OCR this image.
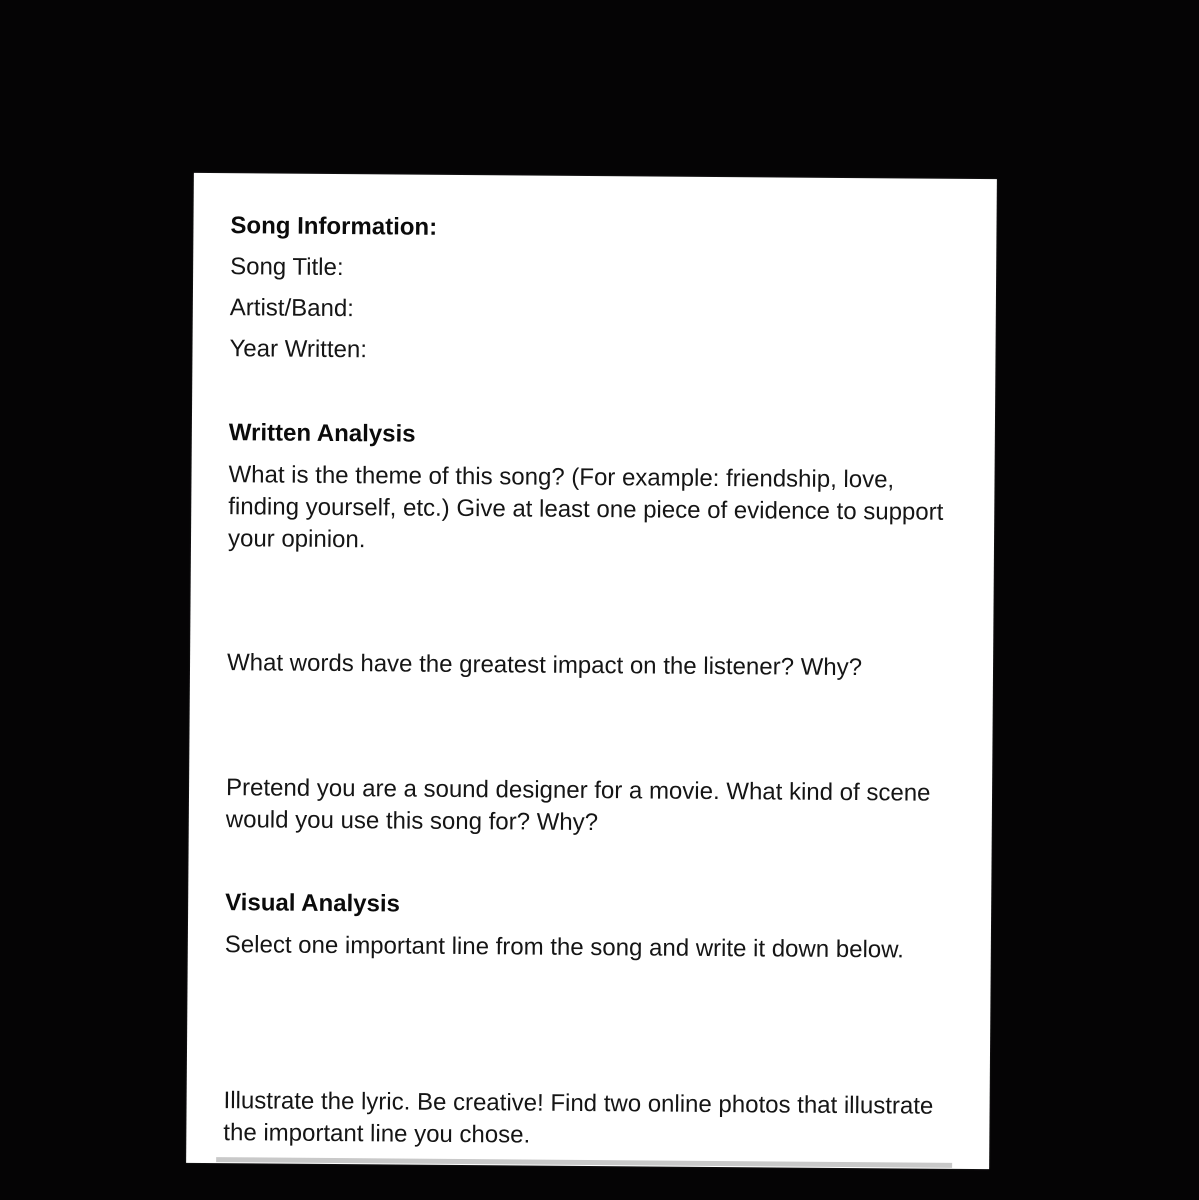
Song Information:
Song Title:
Artist/Band:
Year Written:
Written Analysis
What is the theme of this song? (For example: friendship, love, finding yourself, etc.) Give at least one piece of evidence to support your opinion.
What words have the greatest impact on the listener? Why?
Pretend you are a sound designer for a movie. What kind of scene would you use this song for? Why?
Visual Analysis
Select one important line from the song and write it down below.
Illustrate the lyric. Be creative! Find two online photos that illustrate the important line you chose.
